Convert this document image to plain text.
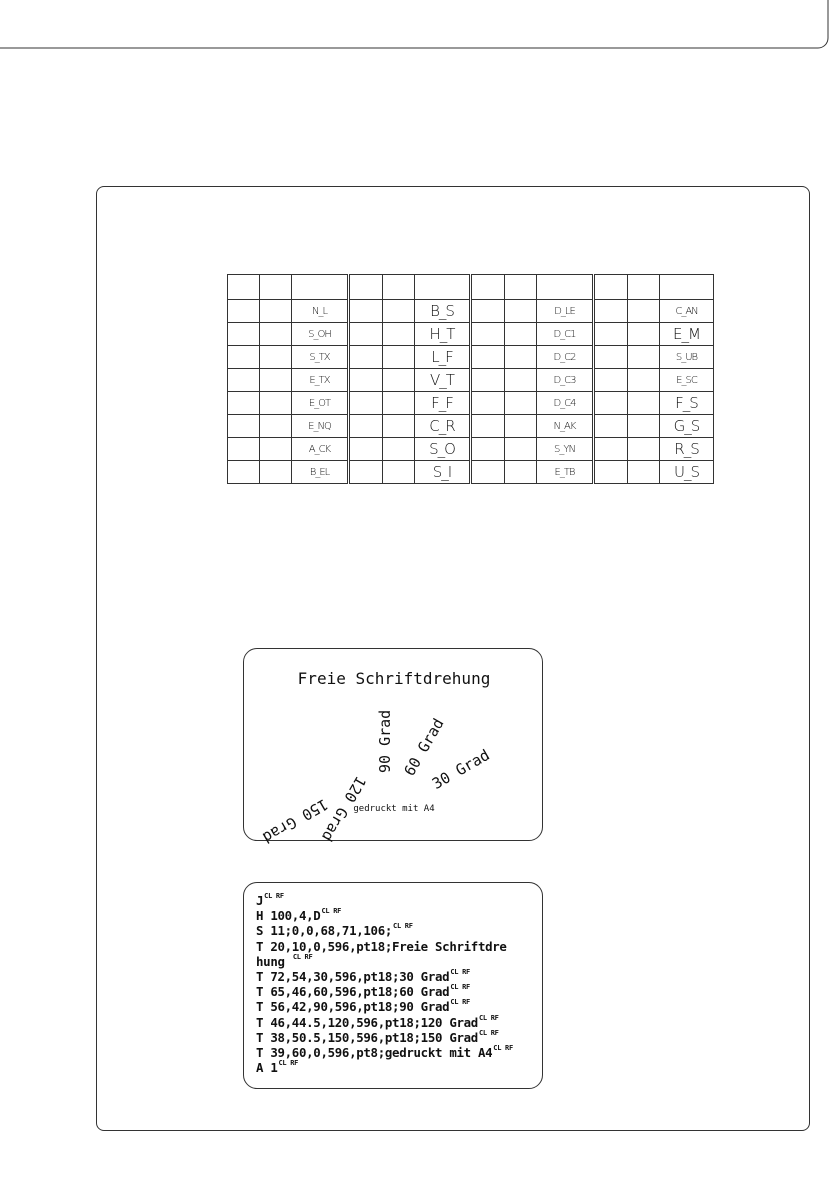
		N_L			B_S			D_LE			C_AN
		S_OH			H_T			D_C1			E_M
		S_TX			L_F			D_C2			S_UB
		E_TX			V_T			D_C3			E_SC
		E_OT			F_F			D_C4			F_S
		E_NQ			C_R			N_AK			G_S
		A_CK			S_O			S_YN			R_S
		B_EL			S_I			E_TB			U_S
Freie Schriftdrehung
150 Grad
120 Grad
90 Grad 60 Grad
30 Grad
gedruckt mit A4
JCL RF
H 100,4,DCL RF
S 11;0,0,68,71,106;CL RF
T 20,10,0,596,pt18;Freie Schriftdre
hung CL RF
T 72,54,30,596,pt18;30 GradCL RF
T 65,46,60,596,pt18;60 GradCL RF
T 56,42,90,596,pt18;90 GradCL RF
T 46,44.5,120,596,pt18;120 GradCL RF
T 38,50.5,150,596,pt18;150 GradCL RF
T 39,60,0,596,pt8;gedruckt mit A4CL RF
A 1CL RF
